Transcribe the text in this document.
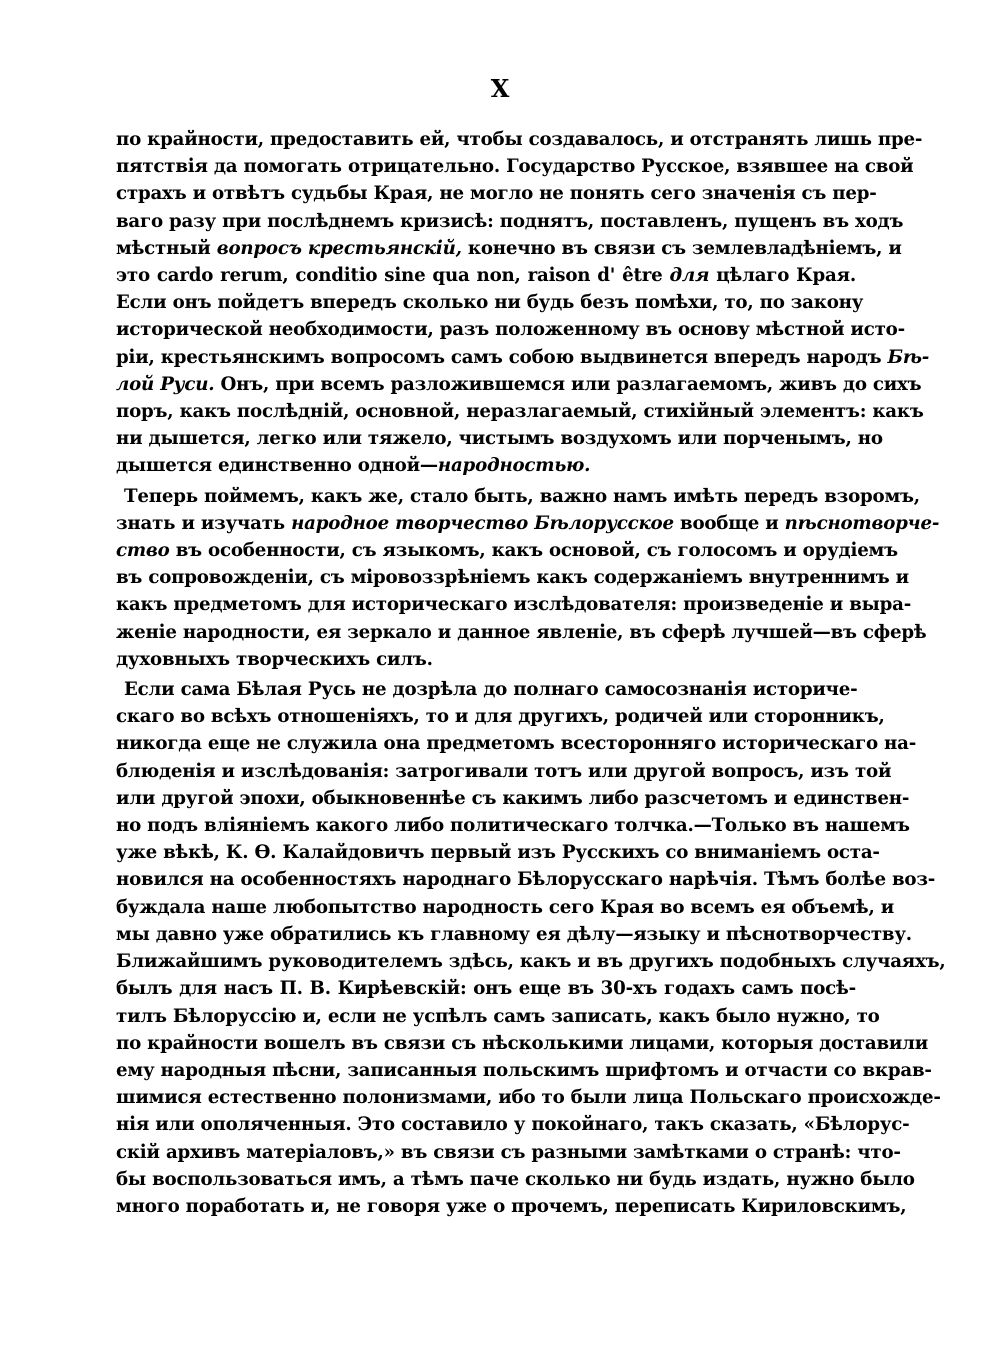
X
по крайности, предоставить ей, чтобы создавалось, и отстранять лишь пре-
пятствія да помогать отрицательно. Государство Русское, взявшее на свой
страхъ и отвѣтъ судьбы Края, не могло не понять сего значенія съ пер-
ваго разу при послѣднемъ кризисѣ: поднятъ, поставленъ, пущенъ въ ходъ
мѣстный вопросъ крестьянскій, конечно въ связи съ землевладѣніемъ, и
это cardo rerum, conditio sine qua non, raison d' être для цѣлаго Края.
Если онъ пойдетъ впередъ сколько ни будь безъ помѣхи, то, по закону
исторической необходимости, разъ положенному въ основу мѣстной исто-
ріи, крестьянскимъ вопросомъ самъ собою выдвинется впередъ народъ Бѣ-
лой Руси. Онъ, при всемъ разложившемся или разлагаемомъ, живъ до сихъ
поръ, какъ послѣдній, основной, неразлагаемый, стихійный элементъ: какъ
ни дышется, легко или тяжело, чистымъ воздухомъ или порченымъ, но
дышется единственно одной—народностью.
Теперь поймемъ, какъ же, стало быть, важно намъ имѣть передъ взоромъ,
знать и изучать народное творчество Бѣлорусское вообще и пѣснотворче-
ство въ особенности, съ языкомъ, какъ основой, съ голосомъ и орудіемъ
въ сопровожденіи, съ міровоззрѣніемъ какъ содержаніемъ внутреннимъ и
какъ предметомъ для историческаго изслѣдователя: произведеніе и выра-
женіе народности, ея зеркало и данное явленіе, въ сферѣ лучшей—въ сферѣ
духовныхъ творческихъ силъ.
Если сама Бѣлая Русь не дозрѣла до полнаго самосознанія историче-
скаго во всѣхъ отношеніяхъ, то и для другихъ, родичей или сторонникъ,
никогда еще не служила она предметомъ всесторонняго историческаго на-
блюденія и изслѣдованія: затрогивали тотъ или другой вопросъ, изъ той
или другой эпохи, обыкновеннѣе съ какимъ либо разсчетомъ и единствен-
но подъ вліяніемъ какого либо политическаго толчка.—Только въ нашемъ
уже вѣкѣ, К. Ѳ. Калайдовичъ первый изъ Русскихъ со вниманіемъ оста-
новился на особенностяхъ народнаго Бѣлорусскаго нарѣчія. Тѣмъ болѣе воз-
буждала наше любопытство народность сего Края во всемъ ея объемѣ, и
мы давно уже обратились къ главному ея дѣлу—языку и пѣснотворчеству.
Ближайшимъ руководителемъ здѣсь, какъ и въ другихъ подобныхъ случаяхъ,
былъ для насъ П. В. Кирѣевскій: онъ еще въ 30-хъ годахъ самъ посѣ-
тилъ Бѣлоруссію и, если не успѣлъ самъ записать, какъ было нужно, то
по крайности вошелъ въ связи съ нѣсколькими лицами, которыя доставили
ему народныя пѣсни, записанныя польскимъ шрифтомъ и отчасти со вкрав-
шимися естественно полонизмами, ибо то были лица Польскаго происхожде-
нія или ополяченныя. Это составило у покойнаго, такъ сказать, «Бѣлорус-
скій архивъ матеріаловъ,» въ связи съ разными замѣтками о странѣ: что-
бы воспользоваться имъ, а тѣмъ паче сколько ни будь издать, нужно было
много поработать и, не говоря уже о прочемъ, переписать Кириловскимъ,
